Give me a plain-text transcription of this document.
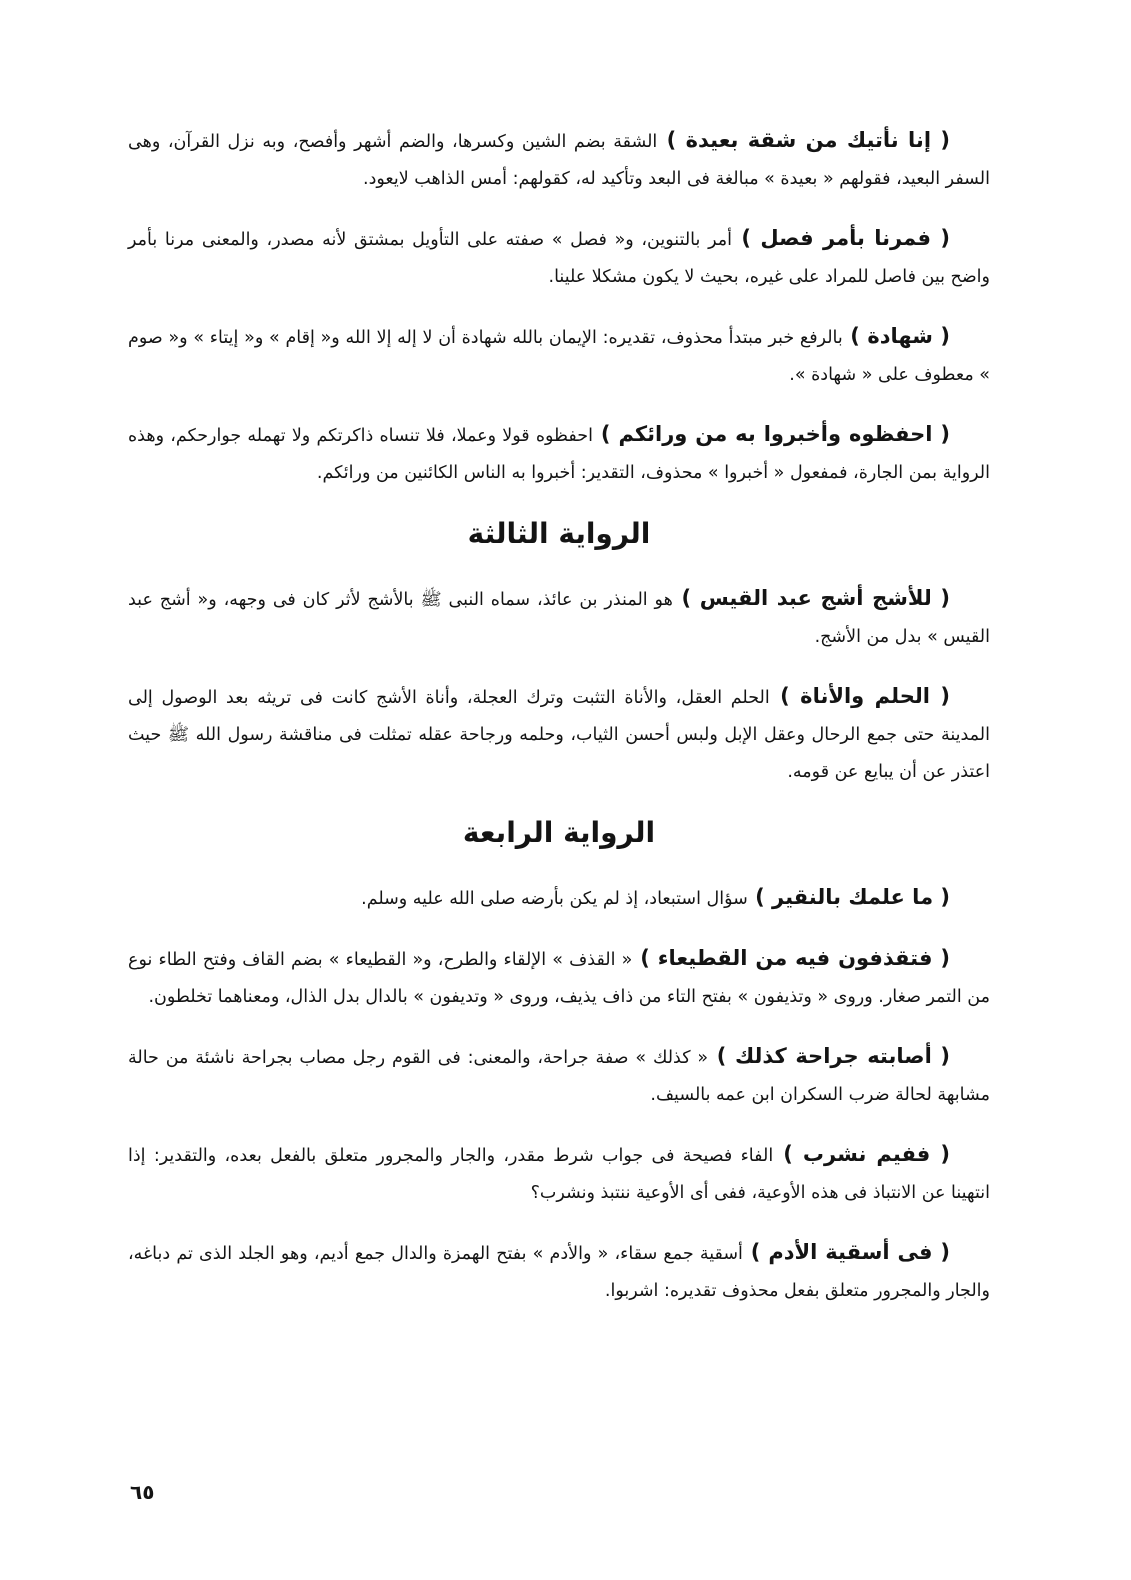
( إنا نأتيك من شقة بعيدة ) الشقة بضم الشين وكسرها، والضم أشهر وأفصح، وبه نزل القرآن، وهى السفر البعيد، فقولهم « بعيدة » مبالغة فى البعد وتأكيد له، كقولهم: أمس الذاهب لايعود.

( فمرنا بأمر فصل ) أمر بالتنوين، و« فصل » صفته على التأويل بمشتق لأنه مصدر، والمعنى مرنا بأمر واضح بين فاصل للمراد على غيره، بحيث لا يكون مشكلا علينا.

( شهادة ) بالرفع خبر مبتدأ محذوف، تقديره: الإيمان بالله شهادة أن لا إله إلا الله و« إقام » و« إيتاء » و« صوم » معطوف على « شهادة ».

( احفظوه وأخبروا به من ورائكم ) احفظوه قولا وعملا، فلا تنساه ذاكرتكم ولا تهمله جوارحكم، وهذه الرواية بمن الجارة، فمفعول « أخبروا » محذوف، التقدير: أخبروا به الناس الكائنين من ورائكم.

الرواية الثالثة

( للأشج أشج عبد القيس ) هو المنذر بن عائذ، سماه النبى ﷺ بالأشج لأثر كان فى وجهه، و« أشج عبد القيس » بدل من الأشج.

( الحلم والأناة ) الحلم العقل، والأناة التثبت وترك العجلة، وأناة الأشج كانت فى تريثه بعد الوصول إلى المدينة حتى جمع الرحال وعقل الإبل ولبس أحسن الثياب، وحلمه ورجاحة عقله تمثلت فى مناقشة رسول الله ﷺ حيث اعتذر عن أن يبايع عن قومه.

الرواية الرابعة

( ما علمك بالنقير ) سؤال استبعاد، إذ لم يكن بأرضه صلى الله عليه وسلم.

( فتقذفون فيه من القطيعاء ) « القذف » الإلقاء والطرح، و« القطيعاء » بضم القاف وفتح الطاء نوع من التمر صغار. وروى « وتذيفون » بفتح التاء من ذاف يذيف، وروى « وتديفون » بالدال بدل الذال، ومعناهما تخلطون.

( أصابته جراحة كذلك ) « كذلك » صفة جراحة، والمعنى: فى القوم رجل مصاب بجراحة ناشئة من حالة مشابهة لحالة ضرب السكران ابن عمه بالسيف.

( ففيم نشرب ) الفاء فصيحة فى جواب شرط مقدر، والجار والمجرور متعلق بالفعل بعده، والتقدير: إذا انتهينا عن الانتباذ فى هذه الأوعية، ففى أى الأوعية ننتبذ ونشرب؟

( فى أسقية الأدم ) أسقية جمع سقاء، « والأدم » بفتح الهمزة والدال جمع أديم، وهو الجلد الذى تم دباغه، والجار والمجرور متعلق بفعل محذوف تقديره: اشربوا.

٦٥
